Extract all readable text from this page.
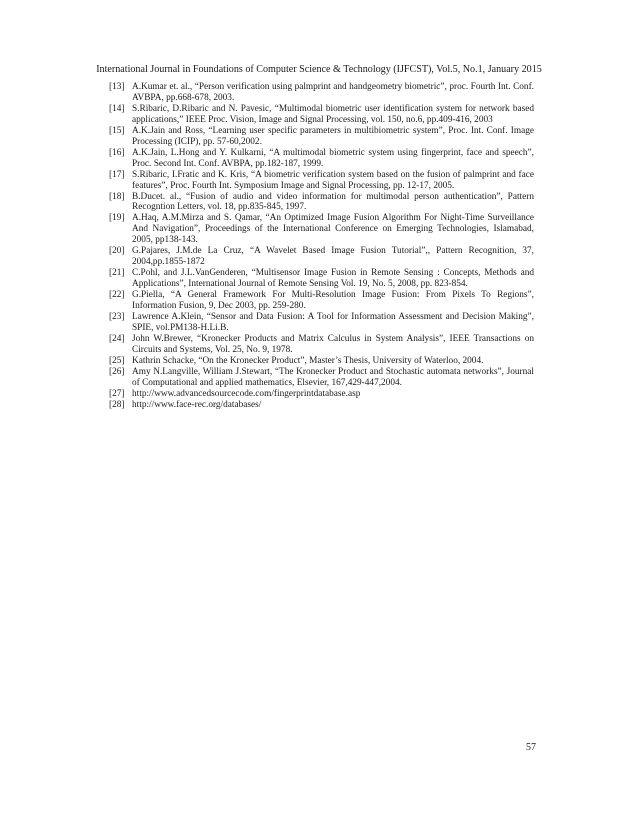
International Journal in Foundations of Computer Science & Technology (IJFCST), Vol.5, No.1, January 2015
[13] A.Kumar et. al., “Person verification using palmprint and handgeometry biometric”, proc. Fourth Int. Conf. AVBPA, pp.668-678, 2003.
[14] S.Ribaric, D.Ribaric and N. Pavesic, “Multimodal biometric user identification system for network based applications,” IEEE Proc. Vision, Image and Signal Processing, vol. 150, no.6, pp.409-416, 2003
[15] A.K.Jain and Ross, “Learning user specific parameters in multibiometric system”, Proc. Int. Conf. Image Processing (ICIP), pp. 57-60,2002.
[16] A.K.Jain, L.Hong and Y. Kulkarni, “A multimodal biometric system using fingerprint, face and speech”, Proc. Second Int. Conf. AVBPA, pp.182-187, 1999.
[17] S.Ribaric, I.Fratic and K. Kris, “A biometric verification system based on the fusion of palmprint and face features”, Proc. Fourth Int. Symposium Image and Signal Processing, pp. 12-17, 2005.
[18] B.Ducet. al., “Fusion of audio and video information for multimodal person authentication”, Pattern Recogntion Letters, vol. 18, pp.835-845, 1997.
[19] A.Haq, A.M.Mirza and S. Qamar, “An Optimized Image Fusion Algorithm For Night-Time Surveillance And Navigation”, Proceedings of the International Conference on Emerging Technologies, Islamabad, 2005, pp138-143.
[20] G.Pajares, J.M.de La Cruz, “A Wavelet Based Image Fusion Tutorial”,, Pattern Recognition, 37, 2004,pp.1855-1872
[21] C.Pohl, and J.L.VanGenderen, “Multisensor Image Fusion in Remote Sensing : Concepts, Methods and Applications”, International Journal of Remote Sensing Vol. 19, No. 5, 2008, pp. 823-854.
[22] G.Piella, “A General Framework For Multi-Resolution Image Fusion: From Pixels To Regions”, Information Fusion, 9, Dec 2003, pp. 259-280.
[23] Lawrence A.Klein, “Sensor and Data Fusion: A Tool for Information Assessment and Decision Making”, SPIE, vol.PM138-H.Li.B.
[24] John W.Brewer, “Kronecker Products and Matrix Calculus in System Analysis”, IEEE Transactions on Circuits and Systems, Vol. 25, No. 9, 1978.
[25] Kathrin Schacke, “On the Kronecker Product”, Master’s Thesis, University of Waterloo, 2004.
[26] Amy N.Langville, William J.Stewart, “The Kronecker Product and Stochastic automata networks”, Journal of Computational and applied mathematics, Elsevier, 167,429-447,2004.
[27] http://www.advancedsourcecode.com/fingerprintdatabase.asp
[28] http://www.face-rec.org/databases/
57
